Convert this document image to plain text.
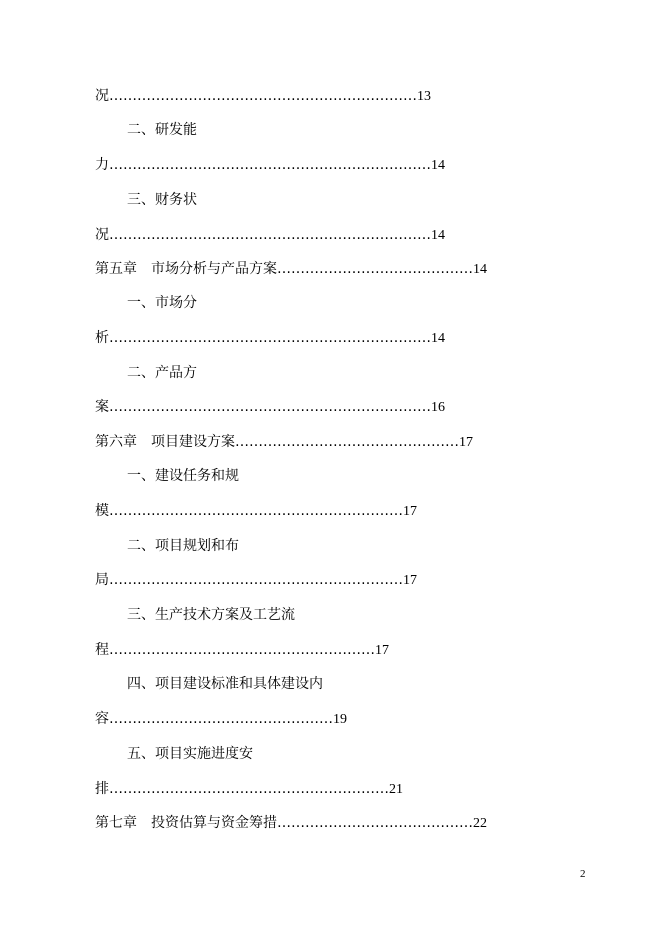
况…………………………………………………………13
二、研发能
力……………………………………………………………14
三、财务状
况……………………………………………………………14
第五章　市场分析与产品方案……………………………………14
一、市场分
析……………………………………………………………14
二、产品方
案……………………………………………………………16
第六章　项目建设方案…………………………………………17
一、建设任务和规
模………………………………………………………17
二、项目规划和布
局………………………………………………………17
三、生产技术方案及工艺流
程…………………………………………………17
四、项目建设标准和具体建设内
容…………………………………………19
五、项目实施进度安
排……………………………………………………21
第七章　投资估算与资金筹措……………………………………22
2
